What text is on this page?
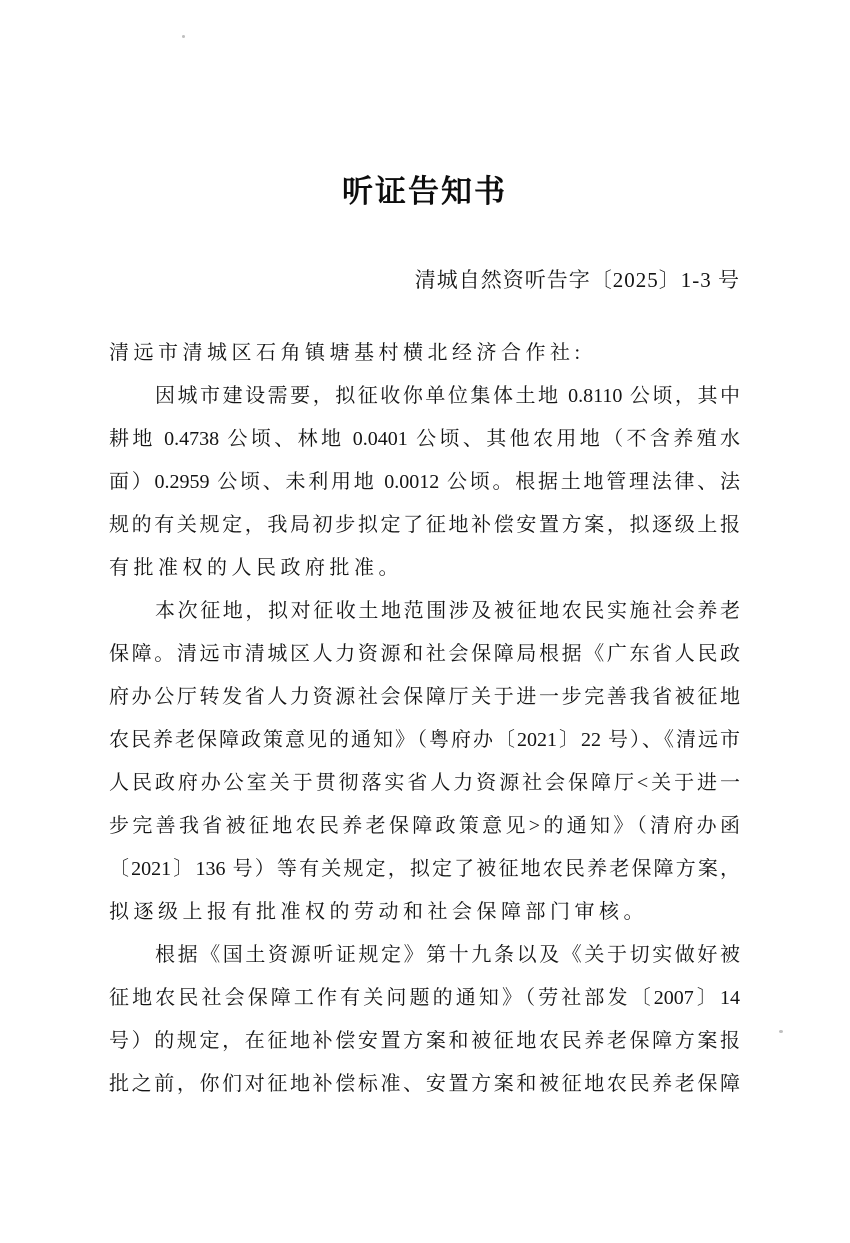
听证告知书
清城自然资听告字〔2025〕1-3 号
清远市清城区石角镇塘基村横北经济合作社:
因城市建设需要，拟征收你单位集体土地 0.8110 公顷，其中
耕地 0.4738 公顷、林地 0.0401 公顷、其他农用地（不含养殖水
面）0.2959 公顷、未利用地 0.0012 公顷。根据土地管理法律、法
规的有关规定，我局初步拟定了征地补偿安置方案，拟逐级上报
有批准权的人民政府批准。
本次征地，拟对征收土地范围涉及被征地农民实施社会养老
保障。清远市清城区人力资源和社会保障局根据《广东省人民政
府办公厅转发省人力资源社会保障厅关于进一步完善我省被征地
农民养老保障政策意见的通知》（粤府办〔2021〕22 号）、《清远市
人民政府办公室关于贯彻落实省人力资源社会保障厅<关于进一
步完善我省被征地农民养老保障政策意见>的通知》（清府办函
〔2021〕136 号）等有关规定，拟定了被征地农民养老保障方案，
拟逐级上报有批准权的劳动和社会保障部门审核。
根据《国土资源听证规定》第十九条以及《关于切实做好被
征地农民社会保障工作有关问题的通知》（劳社部发〔2007〕14
号）的规定，在征地补偿安置方案和被征地农民养老保障方案报
批之前，你们对征地补偿标准、安置方案和被征地农民养老保障
